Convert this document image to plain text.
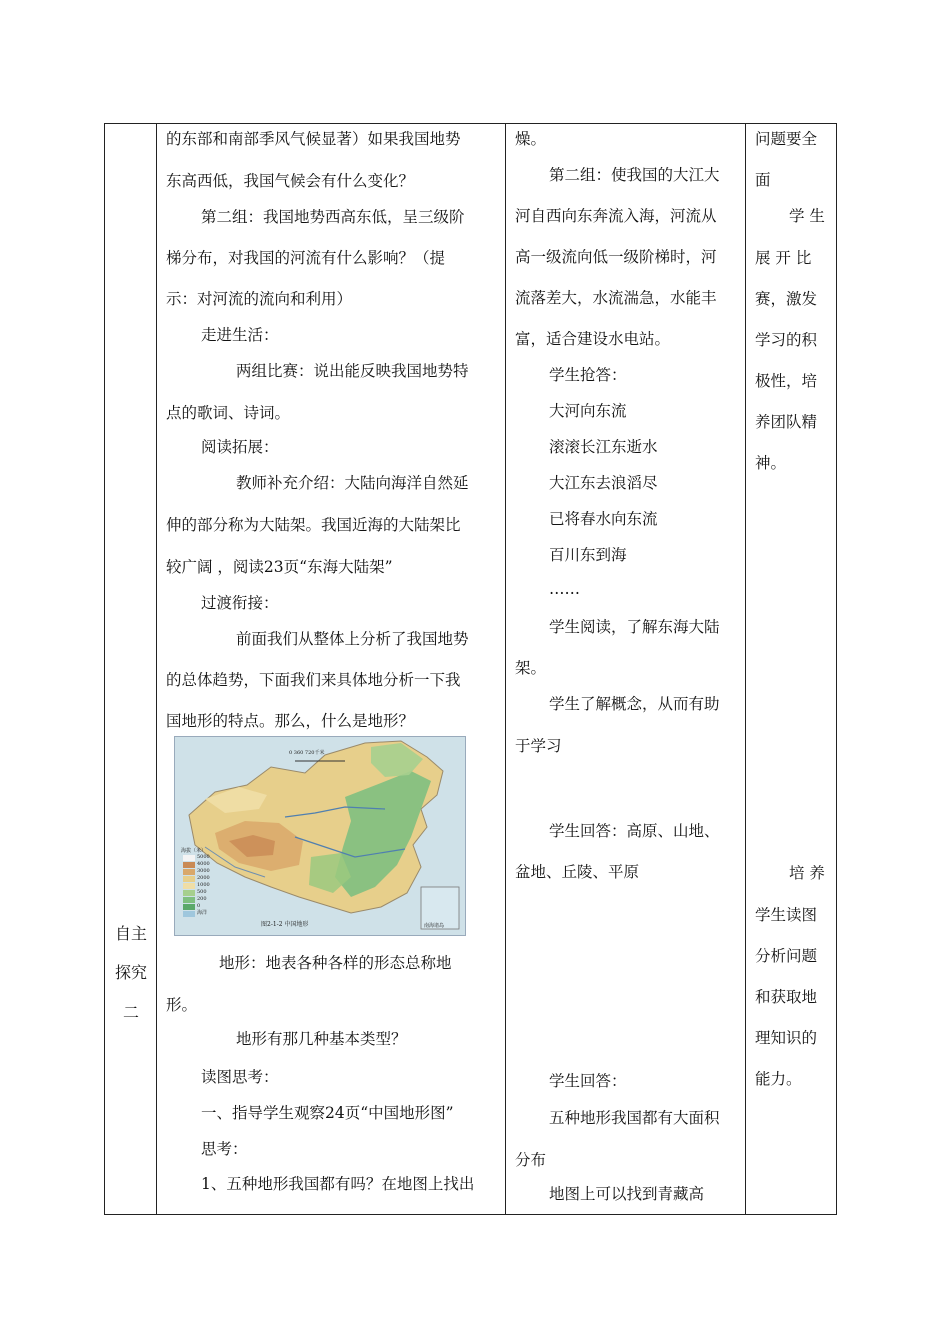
自主
探究
二
的东部和南部季风气候显著）如果我国地势
东高西低，我国气候会有什么变化？
第二组：我国地势西高东低，呈三级阶
梯分布，对我国的河流有什么影响？（提
示：对河流的流向和利用）
走进生活：
两组比赛：说出能反映我国地势特
点的歌词、诗词。
阅读拓展：
教师补充介绍：大陆向海洋自然延
伸的部分称为大陆架。我国近海的大陆架比
较广阔 ，阅读23页“东海大陆架”
过渡衔接：
前面我们从整体上分析了我国地势
的总体趋势，下面我们来具体地分析一下我
国地形的特点。那么，什么是地形？
0 360 720千米
海拔（米）
5000
4000
3000
2000
1000
500
200
0
海洋
图2-1-2 中国地形	南海诸岛
地形：地表各种各样的形态总称地
形。
地形有那几种基本类型？
读图思考：
一、指导学生观察24页“中国地形图”
思考：
1、五种地形我国都有吗？在地图上找出
燥。
第二组：使我国的大江大
河自西向东奔流入海，河流从
高一级流向低一级阶梯时，河
流落差大，水流湍急，水能丰
富，适合建设水电站。
学生抢答：
大河向东流
滚滚长江东逝水
大江东去浪滔尽
已将春水向东流
百川东到海
……
学生阅读，了解东海大陆
架。
学生了解概念，从而有助
于学习
学生回答：高原、山地、
盆地、丘陵、平原
学生回答：
五种地形我国都有大面积
分布
地图上可以找到青藏高
问题要全
面
学 生
展 开 比
赛，激发
学习的积
极性，培
养团队精
神。
培 养
学生读图
分析问题
和获取地
理知识的
能力。
